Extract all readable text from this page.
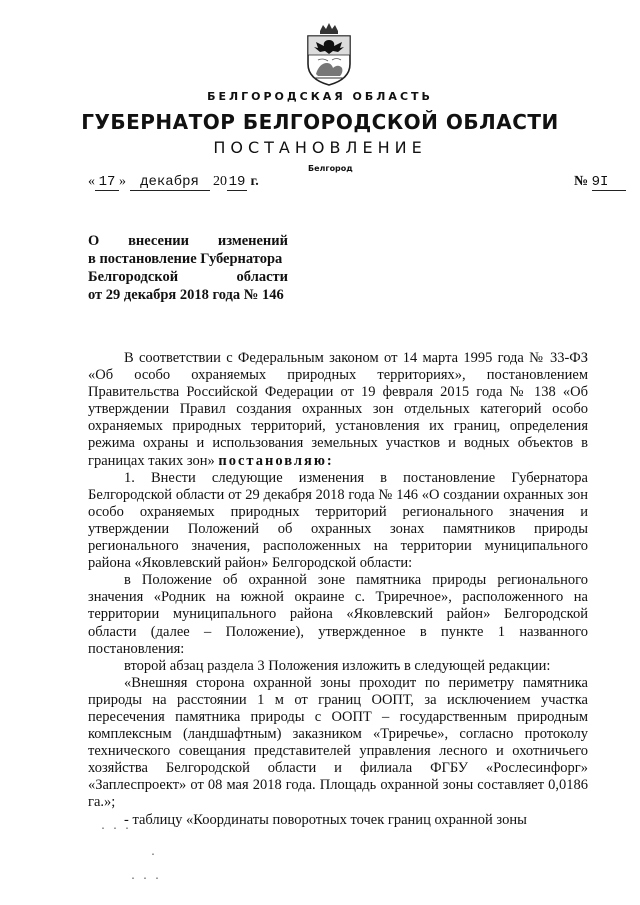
БЕЛГОРОДСКАЯ ОБЛАСТЬ
ГУБЕРНАТОР БЕЛГОРОДСКОЙ ОБЛАСТИ
ПОСТАНОВЛЕНИЕ
Белгород
« 17 » декабря 20 19 г.	№ 9I
О внесении изменений
в постановление Губернатора
Белгородской области
от 29 декабря 2018 года № 146

В соответствии с Федеральным законом от 14 марта 1995 года № 33-ФЗ «Об особо охраняемых природных территориях», постановлением Правительства Российской Федерации от 19 февраля 2015 года № 138 «Об утверждении Правил создания охранных зон отдельных категорий особо охраняемых природных территорий, установления их границ, определения режима охраны и использования земельных участков и водных объектов в границах таких зон» постановляю:

1. Внести следующие изменения в постановление Губернатора Белгородской области от 29 декабря 2018 года № 146 «О создании охранных зон особо охраняемых природных территорий регионального значения и утверждении Положений об охранных зонах памятников природы регионального значения, расположенных на территории муниципального района «Яковлевский район» Белгородской области:

в Положение об охранной зоне памятника природы регионального значения «Родник на южной окраине с. Триречное», расположенного на территории муниципального района «Яковлевский район» Белгородской области (далее – Положение), утвержденное в пункте 1 названного постановления:

второй абзац раздела 3 Положения изложить в следующей редакции:

«Внешняя сторона охранной зоны проходит по периметру памятника природы на расстоянии 1 м от границ ООПТ, за исключением участка пересечения памятника природы с ООПТ – государственным природным комплексным (ландшафтным) заказником «Триречье», согласно протоколу технического совещания представителей управления лесного и охотничьего хозяйства Белгородской области и филиала ФГБУ «Рослесинфорг» «Заплеспроект» от 08 мая 2018 года. Площадь охранной зоны составляет 0,0186 га.»;

- таблицу «Координаты поворотных точек границ охранной зоны

. . .
.
. . .
